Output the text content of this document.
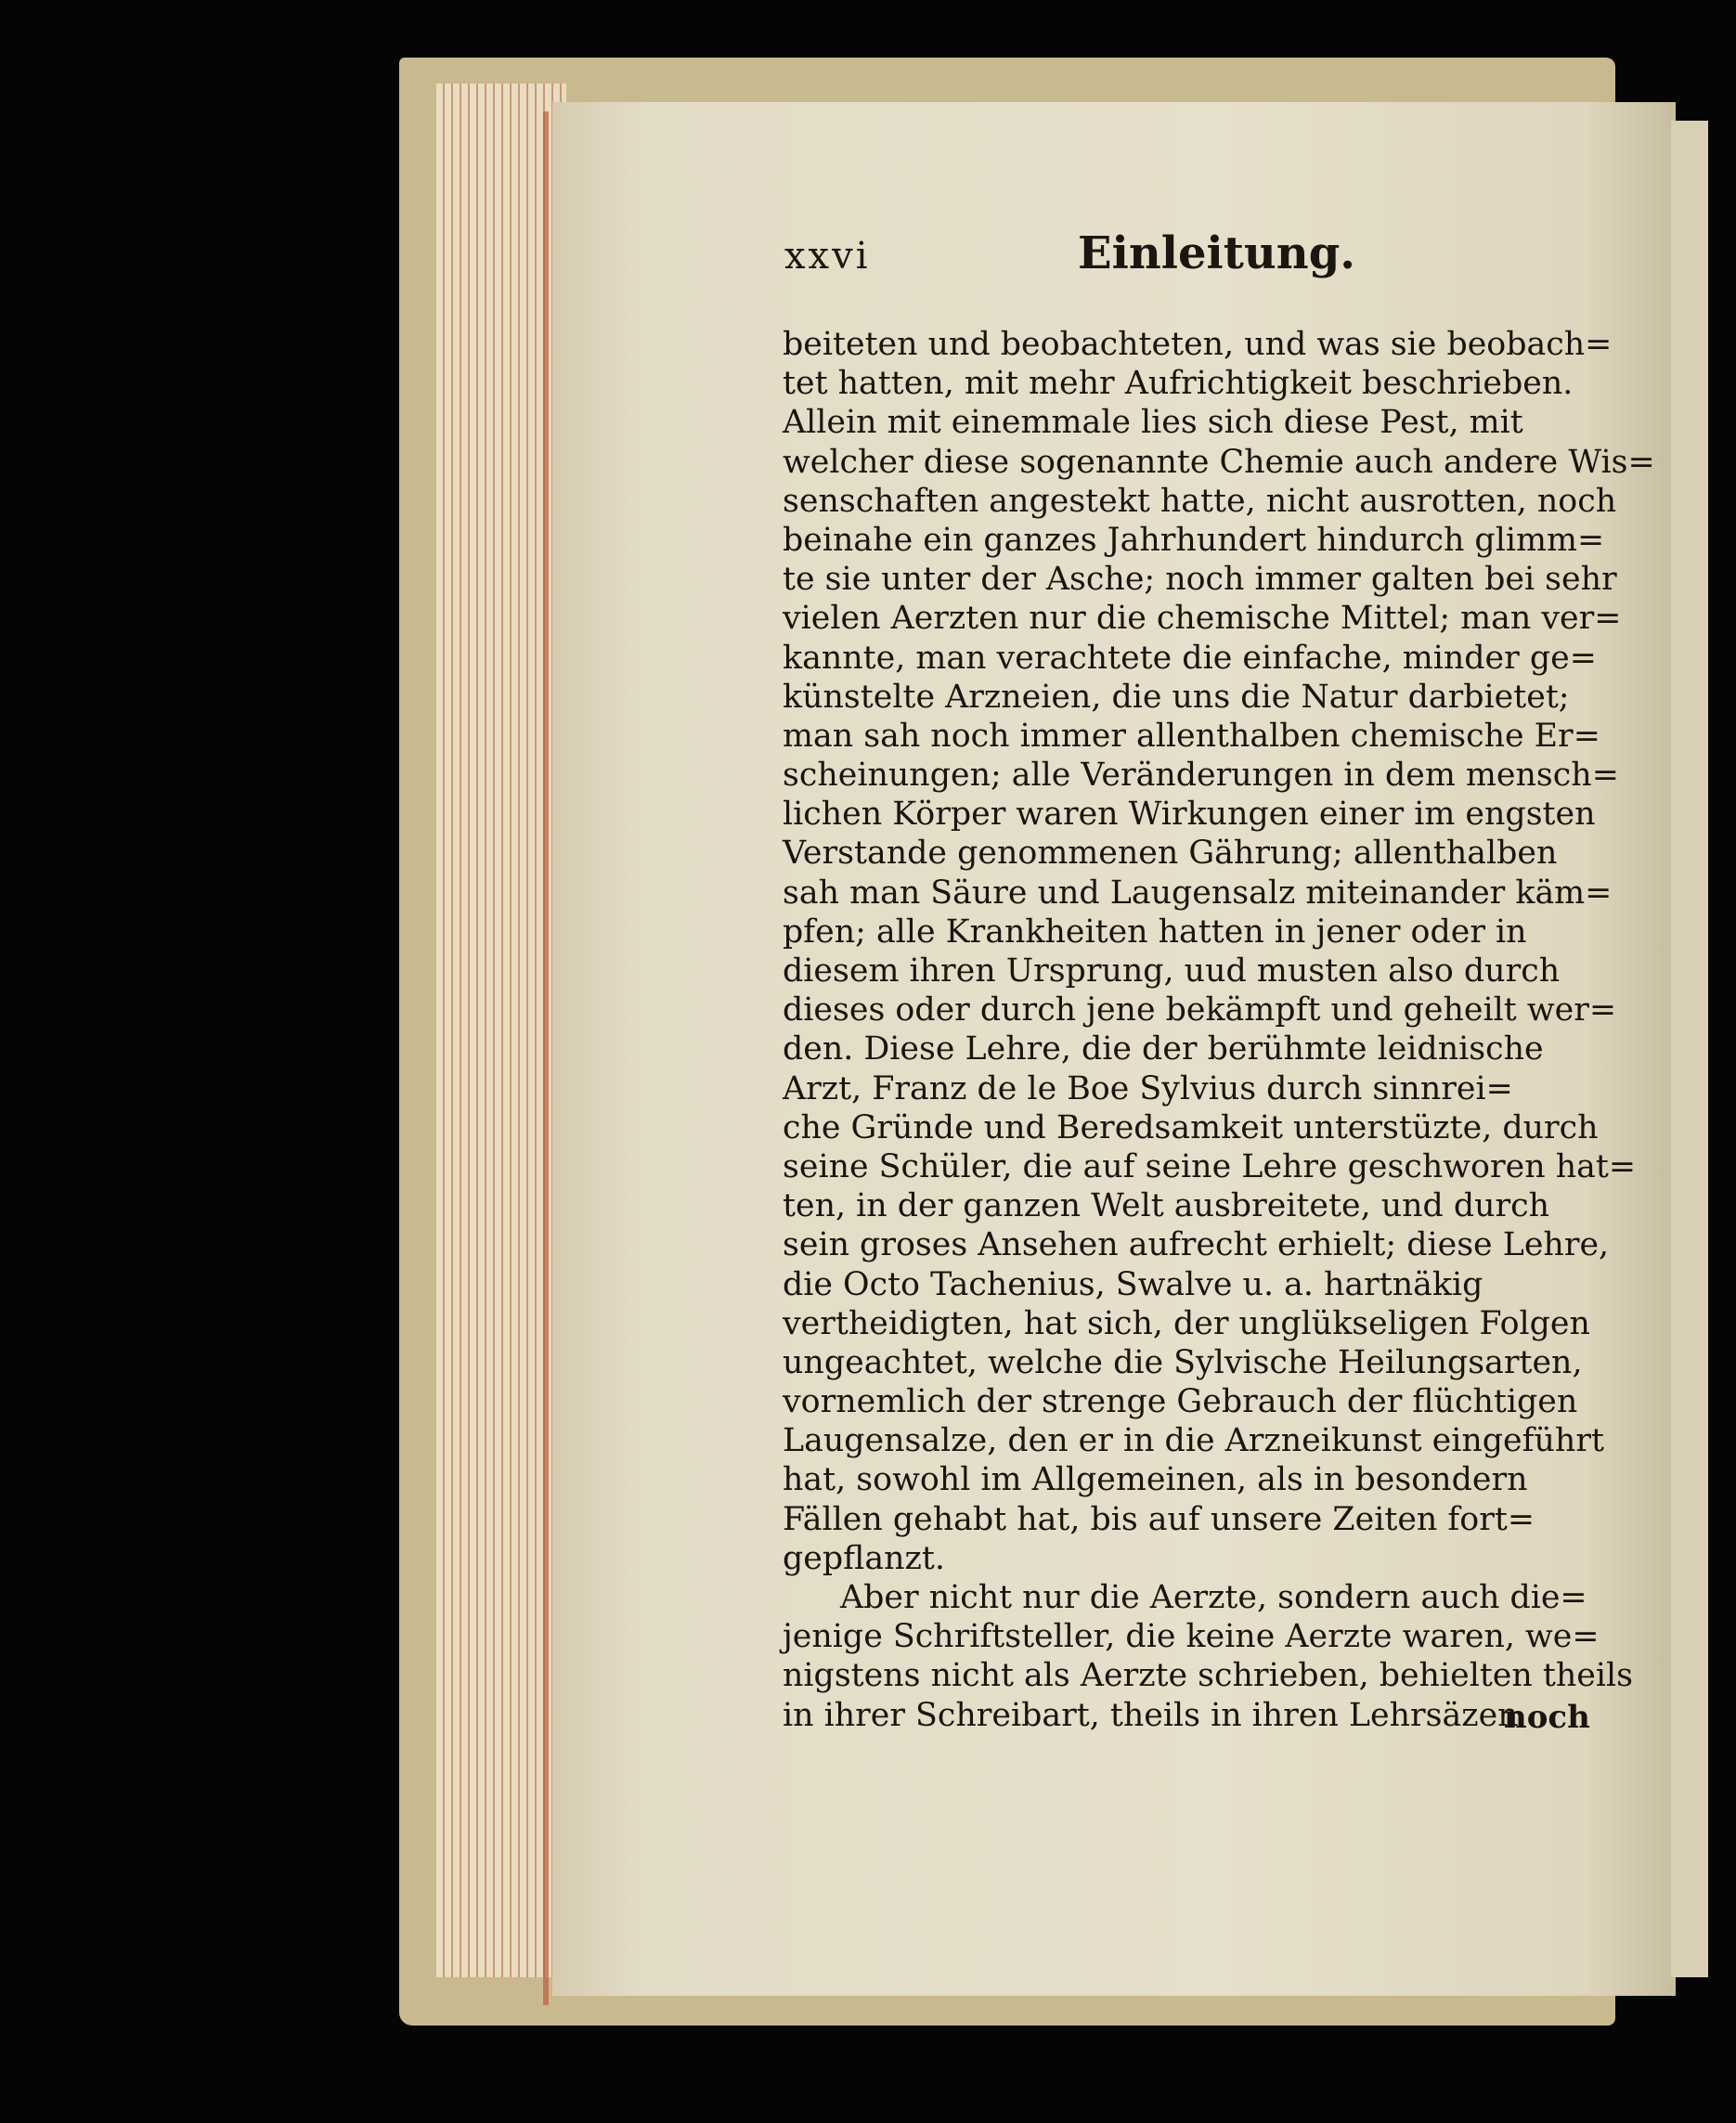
xxvi	Einleitung.
beiteten und beobachteten, und was sie beobach=
tet hatten, mit mehr Aufrichtigkeit beschrieben.
Allein mit einemmale lies sich diese Pest, mit
welcher diese sogenannte Chemie auch andere Wis=
senschaften angestekt hatte, nicht ausrotten, noch
beinahe ein ganzes Jahrhundert hindurch glimm=
te sie unter der Asche; noch immer galten bei sehr
vielen Aerzten nur die chemische Mittel; man ver=
kannte, man verachtete die einfache, minder ge=
künstelte Arzneien, die uns die Natur darbietet;
man sah noch immer allenthalben chemische Er=
scheinungen; alle Veränderungen in dem mensch=
lichen Körper waren Wirkungen einer im engsten
Verstande genommenen Gährung; allenthalben
sah man Säure und Laugensalz miteinander käm=
pfen; alle Krankheiten hatten in jener oder in
diesem ihren Ursprung, uud musten also durch
dieses oder durch jene bekämpft und geheilt wer=
den. Diese Lehre, die der berühmte leidnische
Arzt, Franz de le Boe Sylvius durch sinnrei=
che Gründe und Beredsamkeit unterstüzte, durch
seine Schüler, die auf seine Lehre geschworen hat=
ten, in der ganzen Welt ausbreitete, und durch
sein groses Ansehen aufrecht erhielt; diese Lehre,
die Octo Tachenius, Swalve u. a. hartnäkig
vertheidigten, hat sich, der unglükseligen Folgen
ungeachtet, welche die Sylvische Heilungsarten,
vornemlich der strenge Gebrauch der flüchtigen
Laugensalze, den er in die Arzneikunst eingeführt
hat, sowohl im Allgemeinen, als in besondern
Fällen gehabt hat, bis auf unsere Zeiten fort=
gepflanzt.
Aber nicht nur die Aerzte, sondern auch die=
jenige Schriftsteller, die keine Aerzte waren, we=
nigstens nicht als Aerzte schrieben, behielten theils
in ihrer Schreibart, theils in ihren Lehrsäzen
noch
